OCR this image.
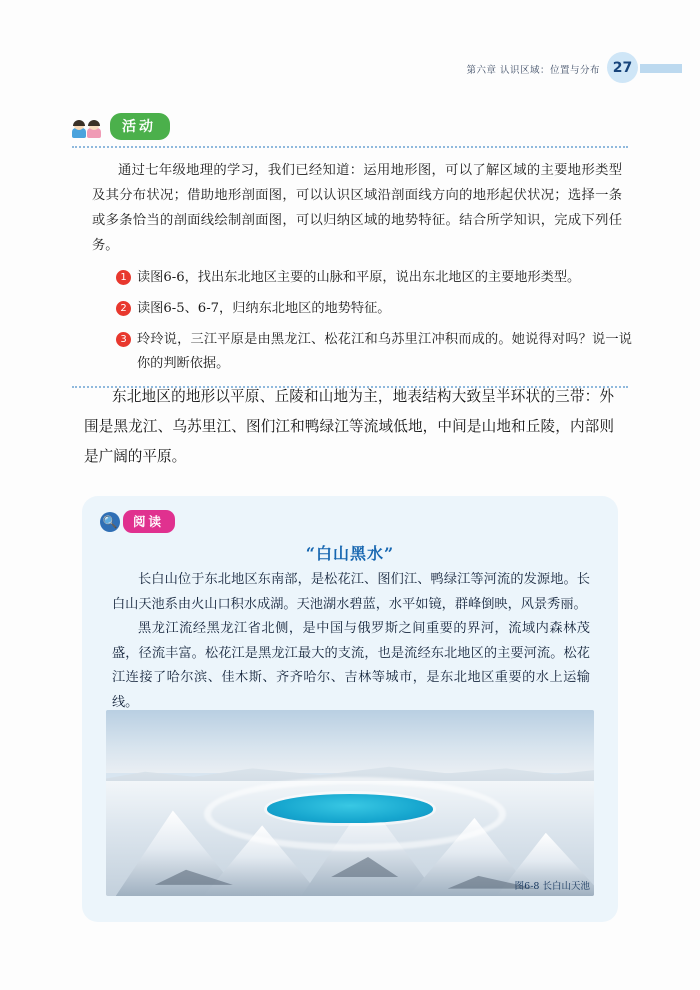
第六章 认识区域：位置与分布 27
活动
通过七年级地理的学习，我们已经知道：运用地形图，可以了解区域的主要地形类型及其分布状况；借助地形剖面图，可以认识区域沿剖面线方向的地形起伏状况；选择一条或多条恰当的剖面线绘制剖面图，可以归纳区域的地势特征。结合所学知识，完成下列任务。
1 读图6-6，找出东北地区主要的山脉和平原，说出东北地区的主要地形类型。
2 读图6-5、6-7，归纳东北地区的地势特征。
3 玲玲说，三江平原是由黑龙江、松花江和乌苏里江冲积而成的。她说得对吗？说一说你的判断依据。
东北地区的地形以平原、丘陵和山地为主，地表结构大致呈半环状的三带：外围是黑龙江、乌苏里江、图们江和鸭绿江等流域低地，中间是山地和丘陵，内部则是广阔的平原。
🔍	阅读
“白山黑水”

长白山位于东北地区东南部，是松花江、图们江、鸭绿江等河流的发源地。长白山天池系由火山口积水成湖。天池湖水碧蓝，水平如镜，群峰倒映，风景秀丽。

黑龙江流经黑龙江省北侧，是中国与俄罗斯之间重要的界河，流域内森林茂盛，径流丰富。松花江是黑龙江最大的支流，也是流经东北地区的主要河流。松花江连接了哈尔滨、佳木斯、齐齐哈尔、吉林等城市，是东北地区重要的水上运输线。

图6-8 长白山天池
